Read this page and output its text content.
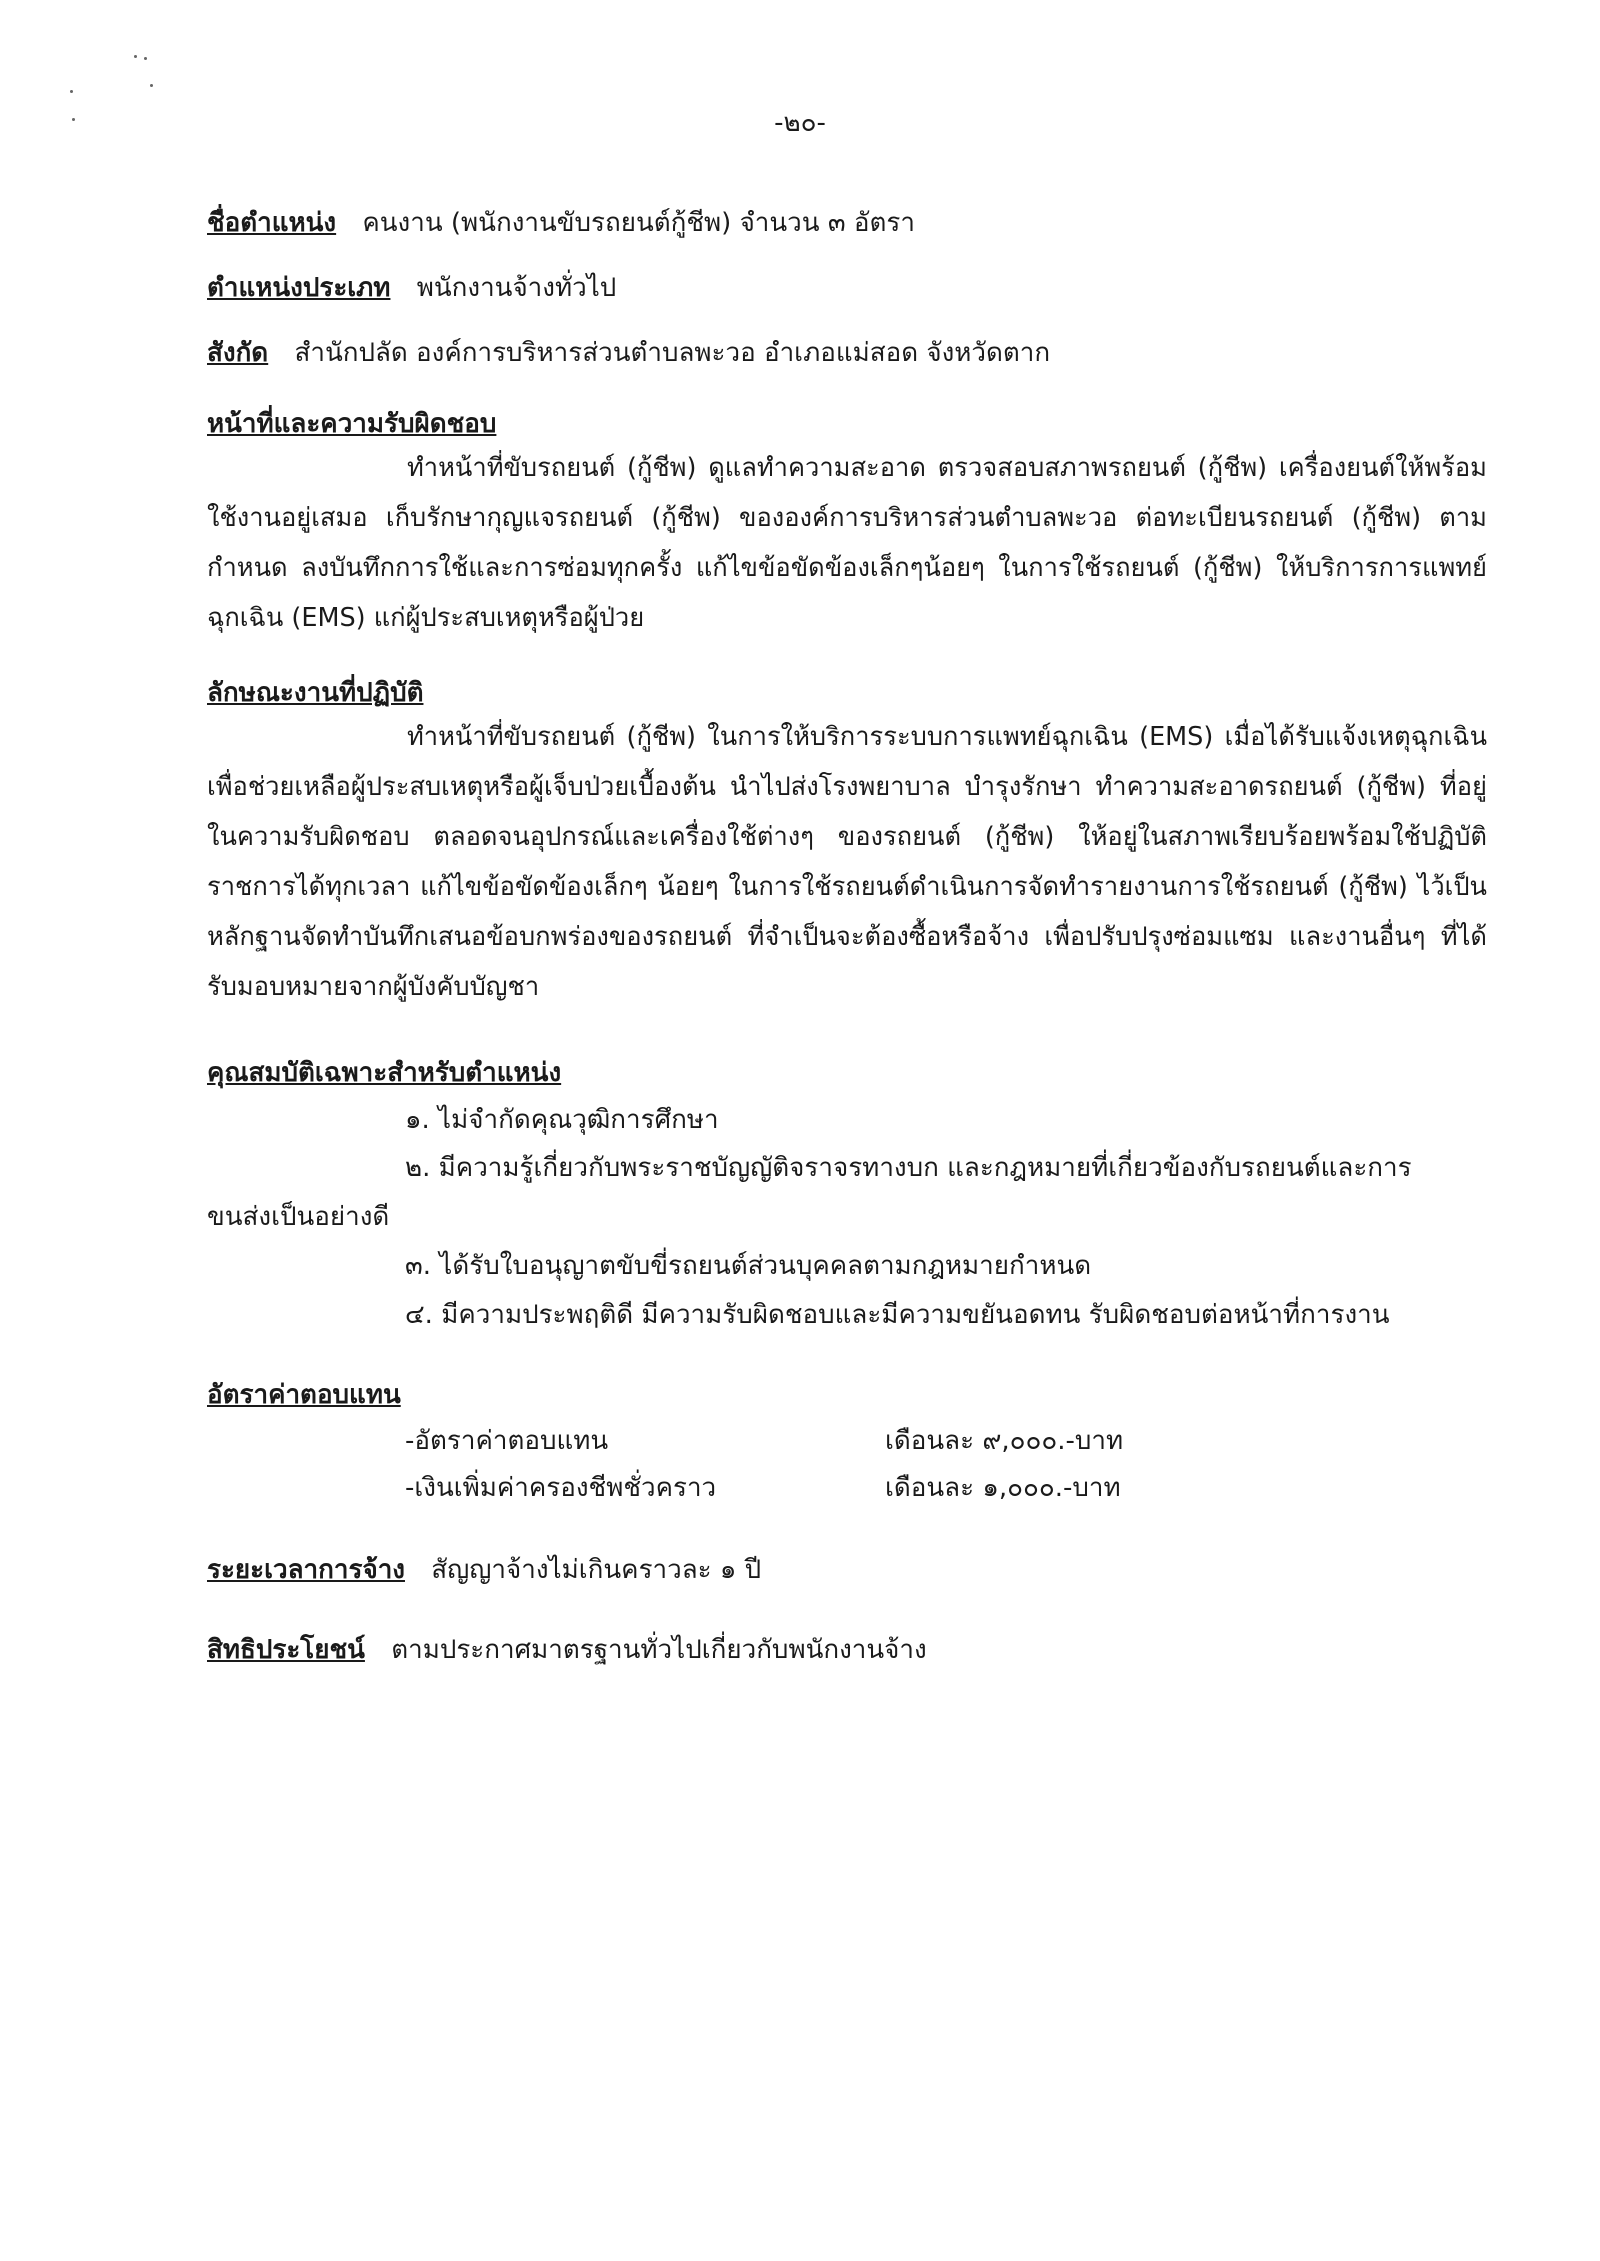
-๒๐-
ชื่อตำแหน่ง คนงาน (พนักงานขับรถยนต์กู้ชีพ) จำนวน ๓ อัตรา
ตำแหน่งประเภท พนักงานจ้างทั่วไป
สังกัด สำนักปลัด องค์การบริหารส่วนตำบลพะวอ อำเภอแม่สอด จังหวัดตาก
หน้าที่และความรับผิดชอบ
ทำหน้าที่ขับรถยนต์ (กู้ชีพ) ดูแลทำความสะอาด ตรวจสอบสภาพรถยนต์ (กู้ชีพ) เครื่องยนต์ให้พร้อมใช้งานอยู่เสมอ เก็บรักษากุญแจรถยนต์ (กู้ชีพ) ขององค์การบริหารส่วนตำบลพะวอ ต่อทะเบียนรถยนต์ (กู้ชีพ) ตามกำหนด ลงบันทึกการใช้และการซ่อมทุกครั้ง แก้ไขข้อขัดข้องเล็กๆน้อยๆ ในการใช้รถยนต์ (กู้ชีพ) ให้บริการการแพทย์ฉุกเฉิน (EMS) แก่ผู้ประสบเหตุหรือผู้ป่วย
ลักษณะงานที่ปฏิบัติ
ทำหน้าที่ขับรถยนต์ (กู้ชีพ) ในการให้บริการระบบการแพทย์ฉุกเฉิน (EMS) เมื่อได้รับแจ้งเหตุฉุกเฉิน เพื่อช่วยเหลือผู้ประสบเหตุหรือผู้เจ็บป่วยเบื้องต้น นำไปส่งโรงพยาบาล บำรุงรักษา ทำความสะอาดรถยนต์ (กู้ชีพ) ที่อยู่ในความรับผิดชอบ ตลอดจนอุปกรณ์และเครื่องใช้ต่างๆ ของรถยนต์ (กู้ชีพ) ให้อยู่ในสภาพเรียบร้อยพร้อมใช้ปฏิบัติราชการได้ทุกเวลา แก้ไขข้อขัดข้องเล็กๆ น้อยๆ ในการใช้รถยนต์ดำเนินการจัดทำรายงานการใช้รถยนต์ (กู้ชีพ) ไว้เป็นหลักฐานจัดทำบันทึกเสนอข้อบกพร่องของรถยนต์ ที่จำเป็นจะต้องซื้อหรือจ้าง เพื่อปรับปรุงซ่อมแซม และงานอื่นๆ ที่ได้รับมอบหมายจากผู้บังคับบัญชา
คุณสมบัติเฉพาะสำหรับตำแหน่ง
๑. ไม่จำกัดคุณวุฒิการศึกษา
๒. มีความรู้เกี่ยวกับพระราชบัญญัติจราจรทางบก และกฎหมายที่เกี่ยวข้องกับรถยนต์และการ
ขนส่งเป็นอย่างดี
๓. ได้รับใบอนุญาตขับขี่รถยนต์ส่วนบุคคลตามกฎหมายกำหนด
๔. มีความประพฤติดี มีความรับผิดชอบและมีความขยันอดทน รับผิดชอบต่อหน้าที่การงาน
อัตราค่าตอบแทน
-อัตราค่าตอบแทน	เดือนละ ๙,๐๐๐.-บาท
-เงินเพิ่มค่าครองชีพชั่วคราว	เดือนละ ๑,๐๐๐.-บาท
ระยะเวลาการจ้าง สัญญาจ้างไม่เกินคราวละ ๑ ปี
สิทธิประโยชน์ ตามประกาศมาตรฐานทั่วไปเกี่ยวกับพนักงานจ้าง
